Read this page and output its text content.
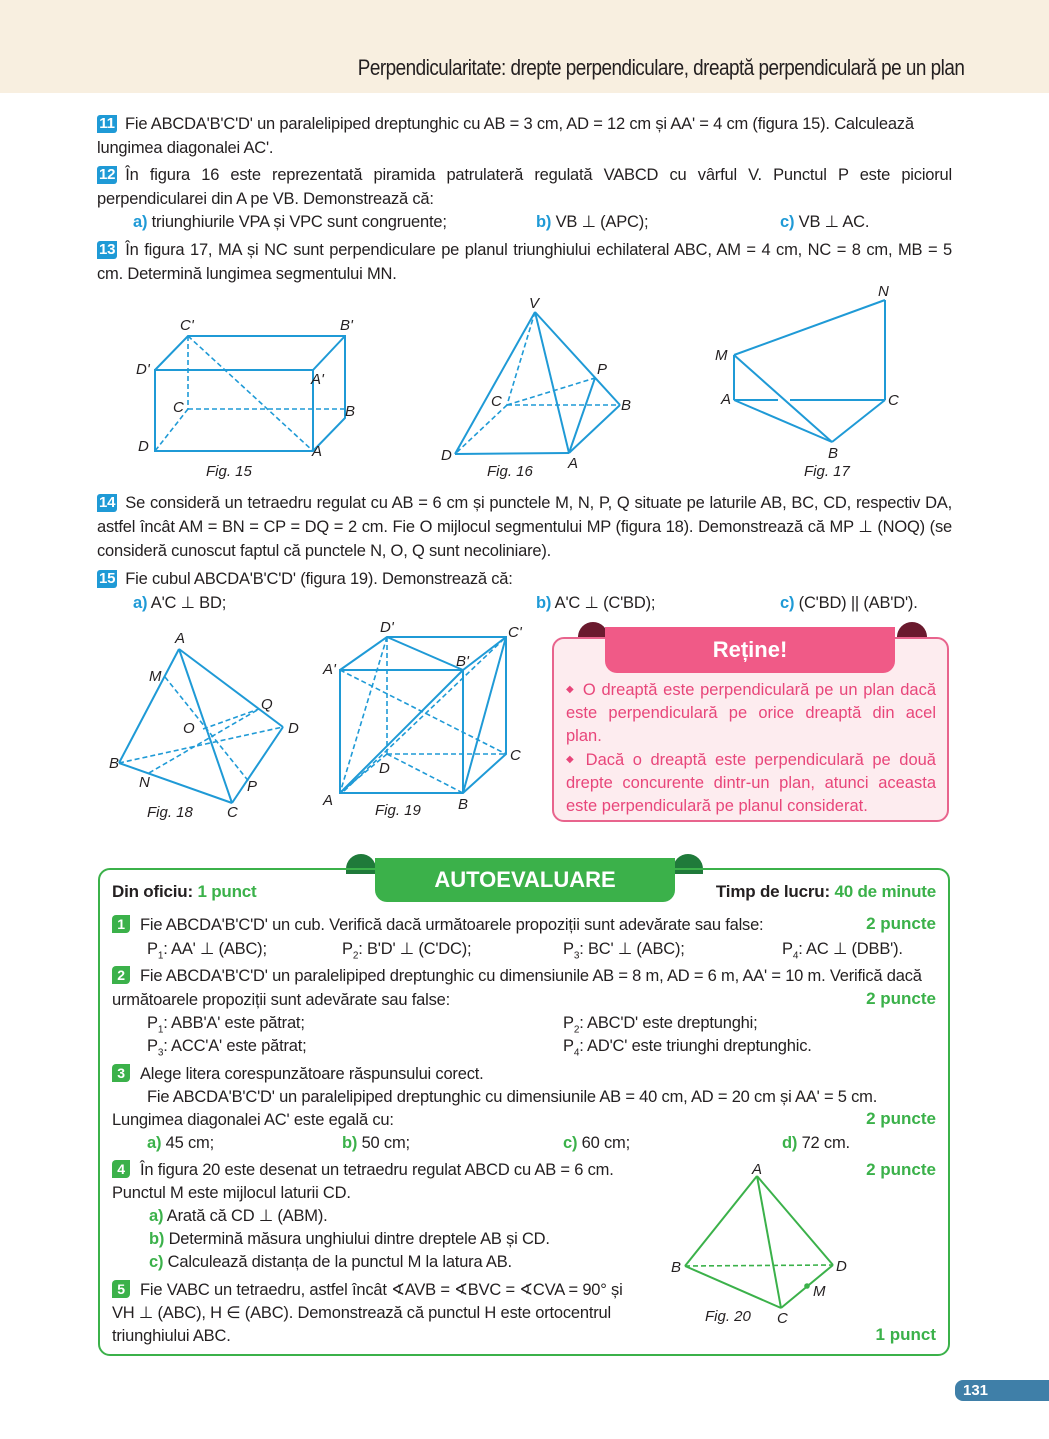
Perpendicularitate: drepte perpendiculare, dreaptă perpendiculară pe un plan
11 Fie ABCDA'B'C'D' un paralelipiped dreptunghic cu AB = 3 cm, AD = 12 cm și AA' = 4 cm (figura 15). Calculează lungimea diagonalei AC'.
12 În figura 16 este reprezentată piramida patrulateră regulată VABCD cu vârful V. Punctul P este piciorul perpendicularei din A pe VB. Demonstrează că:
a) triunghiurile VPA și VPC sunt congruente;	b) VB ⊥ (APC);	c) VB ⊥ AC.
13 În figura 17, MA și NC sunt perpendiculare pe planul triunghiului echilateral ABC, AM = 4 cm, NC = 8 cm, MB = 5 cm. Determină lungimea segmentului MN.
C'	B'
D'
A'
C	B
D	A
Fig. 15
V
P
C	B
D	A
Fig. 16
N
M
A	C
B
Fig. 17
14 Se consideră un tetraedru regulat cu AB = 6 cm și punctele M, N, P, Q situate pe laturile AB, BC, CD, respectiv DA, astfel încât AM = BN = CP = DQ = 2 cm. Fie O mijlocul segmentului MP (figura 18). Demonstrează că MP ⊥ (NOQ) (se consideră cunoscut faptul că punctele N, O, Q sunt necoliniare).
15 Fie cubul ABCDA'B'C'D' (figura 19). Demonstrează că:
a) A'C ⊥ BD;	b) A'C ⊥ (C'BD);	c) (C'BD) || (AB'D').
A
M
Q
O	D
B
N	P
C
Fig. 18
D'	C'
A'	B'
C
D
A	B
Fig. 19
Reține!
◆ O dreaptă este perpendiculară pe un plan dacă este perpendiculară pe orice dreaptă din acel plan.
◆ Dacă o dreaptă este perpendiculară pe două drepte concurente dintr-un plan, atunci aceasta este perpendiculară pe planul considerat.
AUTOEVALUARE
Din oficiu: 1 punct	Timp de lucru: 40 de minute
1 Fie ABCDA'B'C'D' un cub. Verifică dacă următoarele propoziții sunt adevărate sau false:	2 puncte
$P_1$: AA' ⊥ (ABC);	$P_2$: B'D' ⊥ (C'DC);	$P_3$: BC' ⊥ (ABC);	$P_4$: AC ⊥ (DBB').
2 Fie ABCDA'B'C'D' un paralelipiped dreptunghic cu dimensiunile AB = 8 m, AD = 6 m, AA' = 10 m. Verifică dacă următoarele propoziții sunt adevărate sau false:	2 puncte
$P_1$: ABB'A' este pătrat;	$P_2$: ABC'D' este dreptunghi;
$P_3$: ACC'A' este pătrat;	$P_4$: AD'C' este triunghi dreptunghic.
3 Alege litera corespunzătoare răspunsului corect.
Fie ABCDA'B'C'D' un paralelipiped dreptunghic cu dimensiunile AB = 40 cm, AD = 20 cm și AA' = 5 cm.
Lungimea diagonalei AC' este egală cu:	2 puncte
a) 45 cm;	b) 50 cm;	c) 60 cm;	d) 72 cm.
4 În figura 20 este desenat un tetraedru regulat ABCD cu AB = 6 cm.	2 puncte
Punctul M este mijlocul laturii CD.
a) Arată că CD ⊥ (ABM).
b) Determină măsura unghiului dintre dreptele AB și CD.
c) Calculează distanța de la punctul M la latura AB.
5 Fie VABC un tetraedru, astfel încât ∢AVB = ∢BVC = ∢CVA = 90° și
VH ⊥ (ABC), H ∈ (ABC). Demonstrează că punctul H este ortocentrul
triunghiului ABC.	1 punct
A
B	D
M
C
Fig. 20
131
